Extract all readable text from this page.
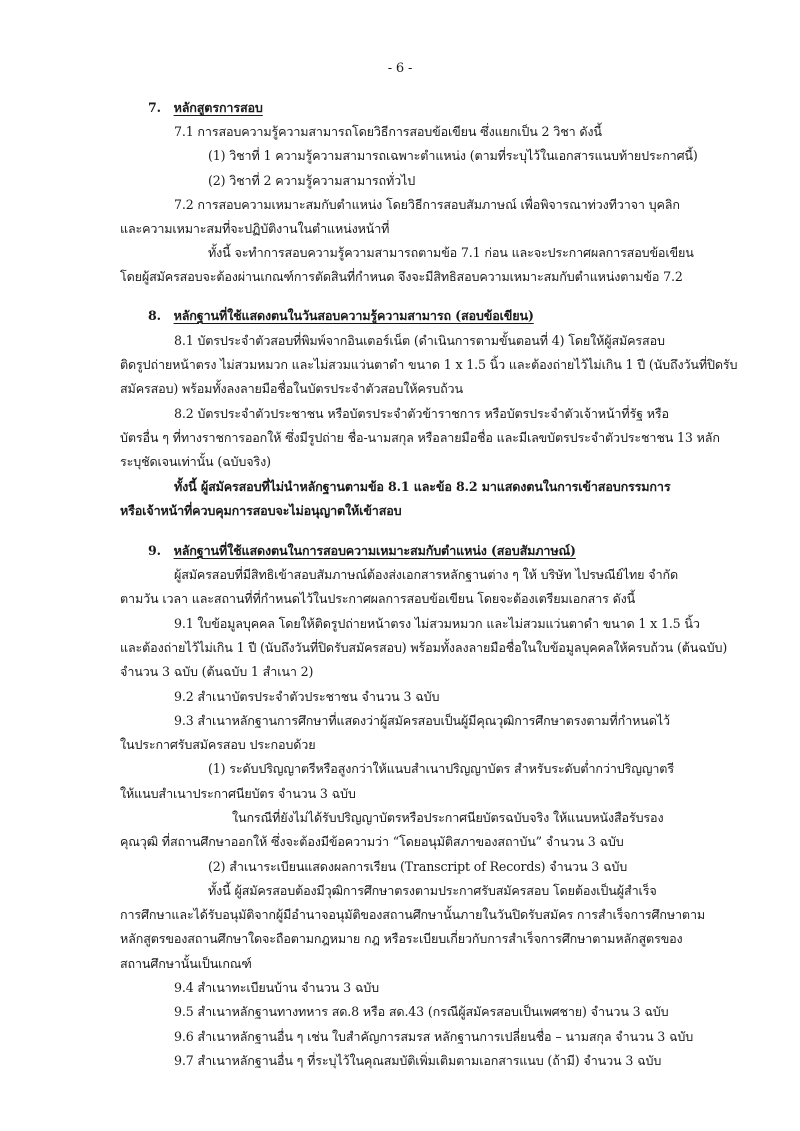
- 6 -
7. หลักสูตรการสอบ
7.1 การสอบความรู้ความสามารถโดยวิธีการสอบข้อเขียน ซึ่งแยกเป็น 2 วิชา ดังนี้
(1) วิชาที่ 1 ความรู้ความสามารถเฉพาะตำแหน่ง (ตามที่ระบุไว้ในเอกสารแนบท้ายประกาศนี้)
(2) วิชาที่ 2 ความรู้ความสามารถทั่วไป
7.2 การสอบความเหมาะสมกับตำแหน่ง โดยวิธีการสอบสัมภาษณ์ เพื่อพิจารณาท่วงทีวาจา บุคลิก
และความเหมาะสมที่จะปฏิบัติงานในตำแหน่งหน้าที่
ทั้งนี้ จะทำการสอบความรู้ความสามารถตามข้อ 7.1 ก่อน และจะประกาศผลการสอบข้อเขียน
โดยผู้สมัครสอบจะต้องผ่านเกณฑ์การตัดสินที่กำหนด จึงจะมีสิทธิสอบความเหมาะสมกับตำแหน่งตามข้อ 7.2
8. หลักฐานที่ใช้แสดงตนในวันสอบความรู้ความสามารถ (สอบข้อเขียน)
8.1 บัตรประจำตัวสอบที่พิมพ์จากอินเตอร์เน็ต (ดำเนินการตามขั้นตอนที่ 4) โดยให้ผู้สมัครสอบ
ติดรูปถ่ายหน้าตรง ไม่สวมหมวก และไม่สวมแว่นตาดำ ขนาด 1 x 1.5 นิ้ว และต้องถ่ายไว้ไม่เกิน 1 ปี (นับถึงวันที่ปิดรับ
สมัครสอบ) พร้อมทั้งลงลายมือชื่อในบัตรประจำตัวสอบให้ครบถ้วน
8.2 บัตรประจำตัวประชาชน หรือบัตรประจำตัวข้าราชการ หรือบัตรประจำตัวเจ้าหน้าที่รัฐ หรือ
บัตรอื่น ๆ ที่ทางราชการออกให้ ซึ่งมีรูปถ่าย ชื่อ-นามสกุล หรือลายมือชื่อ และมีเลขบัตรประจำตัวประชาชน 13 หลัก
ระบุชัดเจนเท่านั้น (ฉบับจริง)
ทั้งนี้ ผู้สมัครสอบที่ไม่นำหลักฐานตามข้อ 8.1 และข้อ 8.2 มาแสดงตนในการเข้าสอบกรรมการ
หรือเจ้าหน้าที่ควบคุมการสอบจะไม่อนุญาตให้เข้าสอบ
9. หลักฐานที่ใช้แสดงตนในการสอบความเหมาะสมกับตำแหน่ง (สอบสัมภาษณ์)
ผู้สมัครสอบที่มีสิทธิเข้าสอบสัมภาษณ์ต้องส่งเอกสารหลักฐานต่าง ๆ ให้ บริษัท ไปรษณีย์ไทย จำกัด
ตามวัน เวลา และสถานที่ที่กำหนดไว้ในประกาศผลการสอบข้อเขียน โดยจะต้องเตรียมเอกสาร ดังนี้
9.1 ใบข้อมูลบุคคล โดยให้ติดรูปถ่ายหน้าตรง ไม่สวมหมวก และไม่สวมแว่นตาดำ ขนาด 1 x 1.5 นิ้ว
และต้องถ่ายไว้ไม่เกิน 1 ปี (นับถึงวันที่ปิดรับสมัครสอบ) พร้อมทั้งลงลายมือชื่อในใบข้อมูลบุคคลให้ครบถ้วน (ต้นฉบับ)
จำนวน 3 ฉบับ (ต้นฉบับ 1 สำเนา 2)
9.2 สำเนาบัตรประจำตัวประชาชน จำนวน 3 ฉบับ
9.3 สำเนาหลักฐานการศึกษาที่แสดงว่าผู้สมัครสอบเป็นผู้มีคุณวุฒิการศึกษาตรงตามที่กำหนดไว้
ในประกาศรับสมัครสอบ ประกอบด้วย
(1) ระดับปริญญาตรีหรือสูงกว่าให้แนบสำเนาปริญญาบัตร สำหรับระดับต่ำกว่าปริญญาตรี
ให้แนบสำเนาประกาศนียบัตร จำนวน 3 ฉบับ
ในกรณีที่ยังไม่ได้รับปริญญาบัตรหรือประกาศนียบัตรฉบับจริง ให้แนบหนังสือรับรอง
คุณวุฒิ ที่สถานศึกษาออกให้ ซึ่งจะต้องมีข้อความว่า “โดยอนุมัติสภาของสถาบัน” จำนวน 3 ฉบับ
(2) สำเนาระเบียนแสดงผลการเรียน (Transcript of Records) จำนวน 3 ฉบับ
ทั้งนี้ ผู้สมัครสอบต้องมีวุฒิการศึกษาตรงตามประกาศรับสมัครสอบ โดยต้องเป็นผู้สำเร็จ
การศึกษาและได้รับอนุมัติจากผู้มีอำนาจอนุมัติของสถานศึกษานั้นภายในวันปิดรับสมัคร การสำเร็จการศึกษาตาม
หลักสูตรของสถานศึกษาใดจะถือตามกฎหมาย กฎ หรือระเบียบเกี่ยวกับการสำเร็จการศึกษาตามหลักสูตรของ
สถานศึกษานั้นเป็นเกณฑ์
9.4 สำเนาทะเบียนบ้าน จำนวน 3 ฉบับ
9.5 สำเนาหลักฐานทางทหาร สด.8 หรือ สด.43 (กรณีผู้สมัครสอบเป็นเพศชาย) จำนวน 3 ฉบับ
9.6 สำเนาหลักฐานอื่น ๆ เช่น ใบสำคัญการสมรส หลักฐานการเปลี่ยนชื่อ – นามสกุล จำนวน 3 ฉบับ
9.7 สำเนาหลักฐานอื่น ๆ ที่ระบุไว้ในคุณสมบัติเพิ่มเติมตามเอกสารแนบ (ถ้ามี) จำนวน 3 ฉบับ
